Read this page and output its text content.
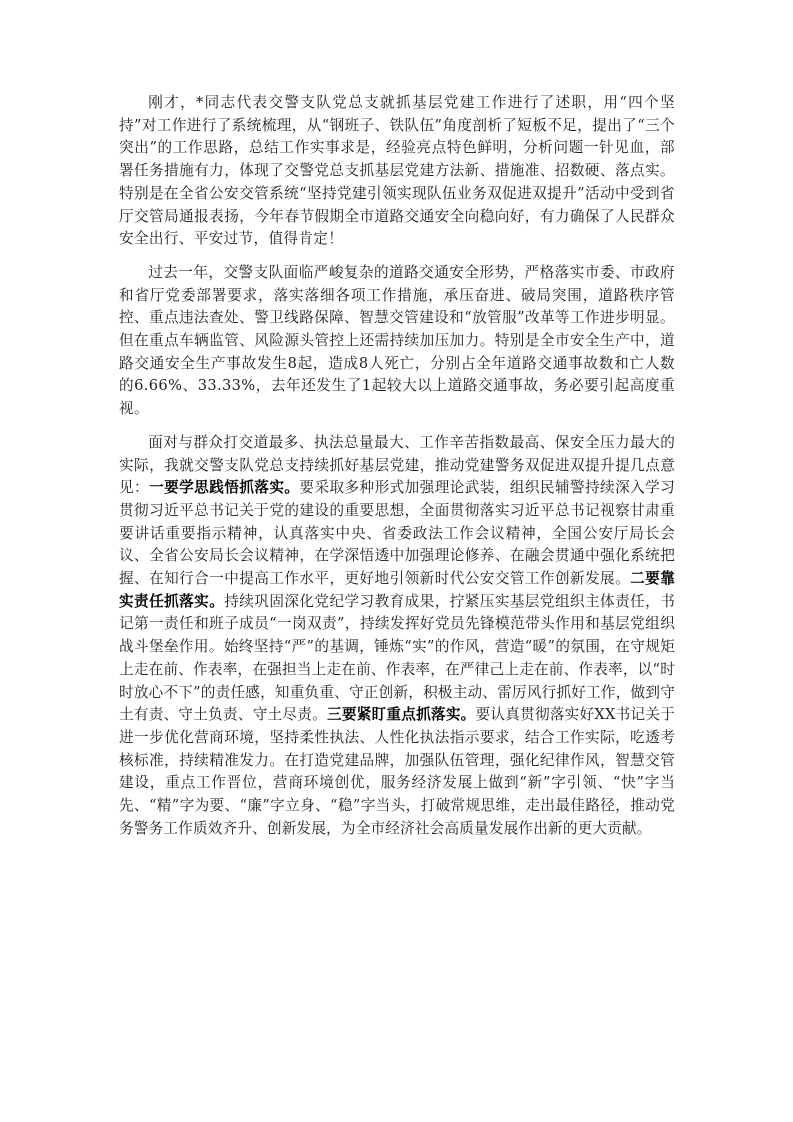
刚才，*同志代表交警支队党总支就抓基层党建工作进行了述职，用“四个坚持”对工作进行了系统梳理，从“钢班子、铁队伍”角度剖析了短板不足，提出了“三个突出”的工作思路，总结工作实事求是，经验亮点特色鲜明，分析问题一针见血，部署任务措施有力，体现了交警党总支抓基层党建方法新、措施准、招数硬、落点实。特别是在全省公安交管系统“坚持党建引领实现队伍业务双促进双提升”活动中受到省厅交管局通报表扬，今年春节假期全市道路交通安全向稳向好，有力确保了人民群众安全出行、平安过节，值得肯定！

过去一年，交警支队面临严峻复杂的道路交通安全形势，严格落实市委、市政府和省厅党委部署要求，落实落细各项工作措施，承压奋进、破局突围，道路秩序管控、重点违法查处、警卫线路保障、智慧交管建设和“放管服”改革等工作进步明显。但在重点车辆监管、风险源头管控上还需持续加压加力。特别是全市安全生产中，道路交通安全生产事故发生8起，造成8人死亡，分别占全年道路交通事故数和亡人数的6.66%、33.33%，去年还发生了1起较大以上道路交通事故，务必要引起高度重视。

面对与群众打交道最多、执法总量最大、工作辛苦指数最高、保安全压力最大的实际，我就交警支队党总支持续抓好基层党建，推动党建警务双促进双提升提几点意见：一要学思践悟抓落实。要采取多种形式加强理论武装，组织民辅警持续深入学习贯彻习近平总书记关于党的建设的重要思想，全面贯彻落实习近平总书记视察甘肃重要讲话重要指示精神，认真落实中央、省委政法工作会议精神，全国公安厅局长会议、全省公安局长会议精神，在学深悟透中加强理论修养、在融会贯通中强化系统把握、在知行合一中提高工作水平，更好地引领新时代公安交管工作创新发展。二要靠实责任抓落实。持续巩固深化党纪学习教育成果，拧紧压实基层党组织主体责任，书记第一责任和班子成员“一岗双责”，持续发挥好党员先锋模范带头作用和基层党组织战斗堡垒作用。始终坚持“严”的基调，锤炼“实”的作风，营造“暖”的氛围，在守规矩上走在前、作表率，在强担当上走在前、作表率，在严律己上走在前、作表率，以“时时放心不下”的责任感，知重负重、守正创新，积极主动、雷厉风行抓好工作，做到守土有责、守土负责、守土尽责。三要紧盯重点抓落实。要认真贯彻落实好XX书记关于进一步优化营商环境，坚持柔性执法、人性化执法指示要求，结合工作实际，吃透考核标准，持续精准发力。在打造党建品牌，加强队伍管理，强化纪律作风，智慧交管建设，重点工作晋位，营商环境创优，服务经济发展上做到“新”字引领、“快”字当先、“精”字为要、“廉”字立身、“稳”字当头，打破常规思维，走出最佳路径，推动党务警务工作质效齐升、创新发展，为全市经济社会高质量发展作出新的更大贡献。
